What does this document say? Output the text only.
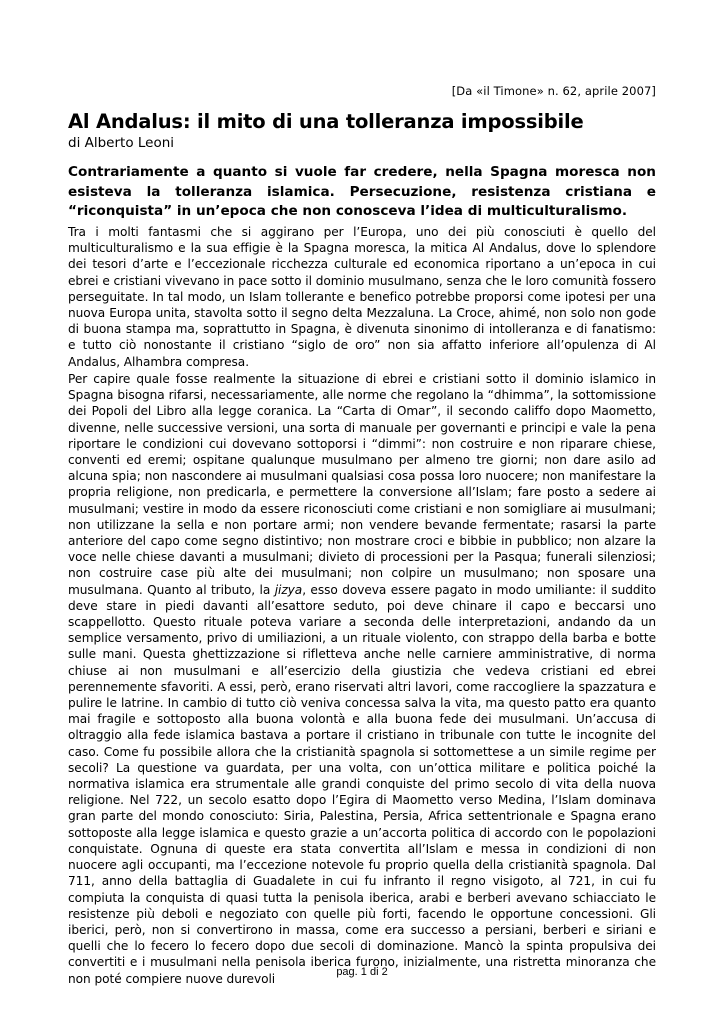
[Da «il Timone» n. 62, aprile 2007]
Al Andalus: il mito di una tolleranza impossibile
di Alberto Leoni

Contrariamente a quanto si vuole far credere, nella Spagna moresca non esisteva la tolleranza islamica. Persecuzione, resistenza cristiana e “riconquista” in un’epoca che non conosceva l’idea di multiculturalismo.

Tra i molti fantasmi che si aggirano per l’Europa, uno dei più conosciuti è quello del multiculturalismo e la sua effigie è la Spagna moresca, la mitica Al Andalus, dove lo splendore dei tesori d’arte e l’eccezionale ricchezza culturale ed economica riportano a un’epoca in cui ebrei e cristiani vivevano in pace sotto il dominio musulmano, senza che le loro comunità fossero perseguitate. In tal modo, un Islam tollerante e benefico potrebbe proporsi come ipotesi per una nuova Europa unita, stavolta sotto il segno delta Mezzaluna. La Croce, ahimé, non solo non gode di buona stampa ma, soprattutto in Spagna, è divenuta sinonimo di intolleranza e di fanatismo: e tutto ciò nonostante il cristiano “siglo de oro” non sia affatto inferiore all’opulenza di Al Andalus, Alhambra compresa.

Per capire quale fosse realmente la situazione di ebrei e cristiani sotto il dominio islamico in Spagna bisogna rifarsi, necessariamente, alle norme che regolano la “dhimma”, la sottomissione dei Popoli del Libro alla legge coranica. La “Carta di Omar”, il secondo califfo dopo Maometto, divenne, nelle successive versioni, una sorta di manuale per governanti e principi e vale la pena riportare le condizioni cui dovevano sottoporsi i “dimmi”: non costruire e non riparare chiese, conventi ed eremi; ospitane qualunque musulmano per almeno tre giorni; non dare asilo ad alcuna spia; non nascondere ai musulmani qualsiasi cosa possa loro nuocere; non manifestare la propria religione, non predicarla, e permettere la conversione all’Islam; fare posto a sedere ai musulmani; vestire in modo da essere riconosciuti come cristiani e non somigliare ai musulmani; non utilizzane la sella e non portare armi; non vendere bevande fermentate; rasarsi la parte anteriore del capo come segno distintivo; non mostrare croci e bibbie in pubblico; non alzare la voce nelle chiese davanti a musulmani; divieto di processioni per la Pasqua; funerali silenziosi; non costruire case più alte dei musulmani; non colpire un musulmano; non sposare una musulmana. Quanto al tributo, la jizya, esso doveva essere pagato in modo umiliante: il suddito deve stare in piedi davanti all’esattore seduto, poi deve chinare il capo e beccarsi uno scappellotto. Questo rituale poteva variare a seconda delle interpretazioni, andando da un semplice versamento, privo di umiliazioni, a un rituale violento, con strappo della barba e botte sulle mani. Questa ghettizzazione si rifletteva anche nelle carniere amministrative, di norma chiuse ai non musulmani e all’esercizio della giustizia che vedeva cristiani ed ebrei perennemente sfavoriti. A essi, però, erano riservati altri lavori, come raccogliere la spazzatura e pulire le latrine. In cambio di tutto ciò veniva concessa salva la vita, ma questo patto era quanto mai fragile e sottoposto alla buona volontà e alla buona fede dei musulmani. Un’accusa di oltraggio alla fede islamica bastava a portare il cristiano in tribunale con tutte le incognite del caso. Come fu possibile allora che la cristianità spagnola si sottomettese a un simile regime per secoli? La questione va guardata, per una volta, con un’ottica militare e politica poiché la normativa islamica era strumentale alle grandi conquiste del primo secolo di vita della nuova religione. Nel 722, un secolo esatto dopo l’Egira di Maometto verso Medina, l’Islam dominava gran parte del mondo conosciuto: Siria, Palestina, Persia, Africa settentrionale e Spagna erano sottoposte alla legge islamica e questo grazie a un’accorta politica di accordo con le popolazioni conquistate. Ognuna di queste era stata convertita all’Islam e messa in condizioni di non nuocere agli occupanti, ma l’eccezione notevole fu proprio quella della cristianità spagnola. Dal 711, anno della battaglia di Guadalete in cui fu infranto il regno visigoto, al 721, in cui fu compiuta la conquista di quasi tutta la penisola iberica, arabi e berberi avevano schiacciato le resistenze più deboli e negoziato con quelle più forti, facendo le opportune concessioni. Gli iberici, però, non si convertirono in massa, come era successo a persiani, berberi e siriani e quelli che lo fecero lo fecero dopo due secoli di dominazione. Mancò la spinta propulsiva dei convertiti e i musulmani nella penisola iberica furono, inizialmente, una ristretta minoranza che non poté compiere nuove durevoli	pag. 1 di 2
